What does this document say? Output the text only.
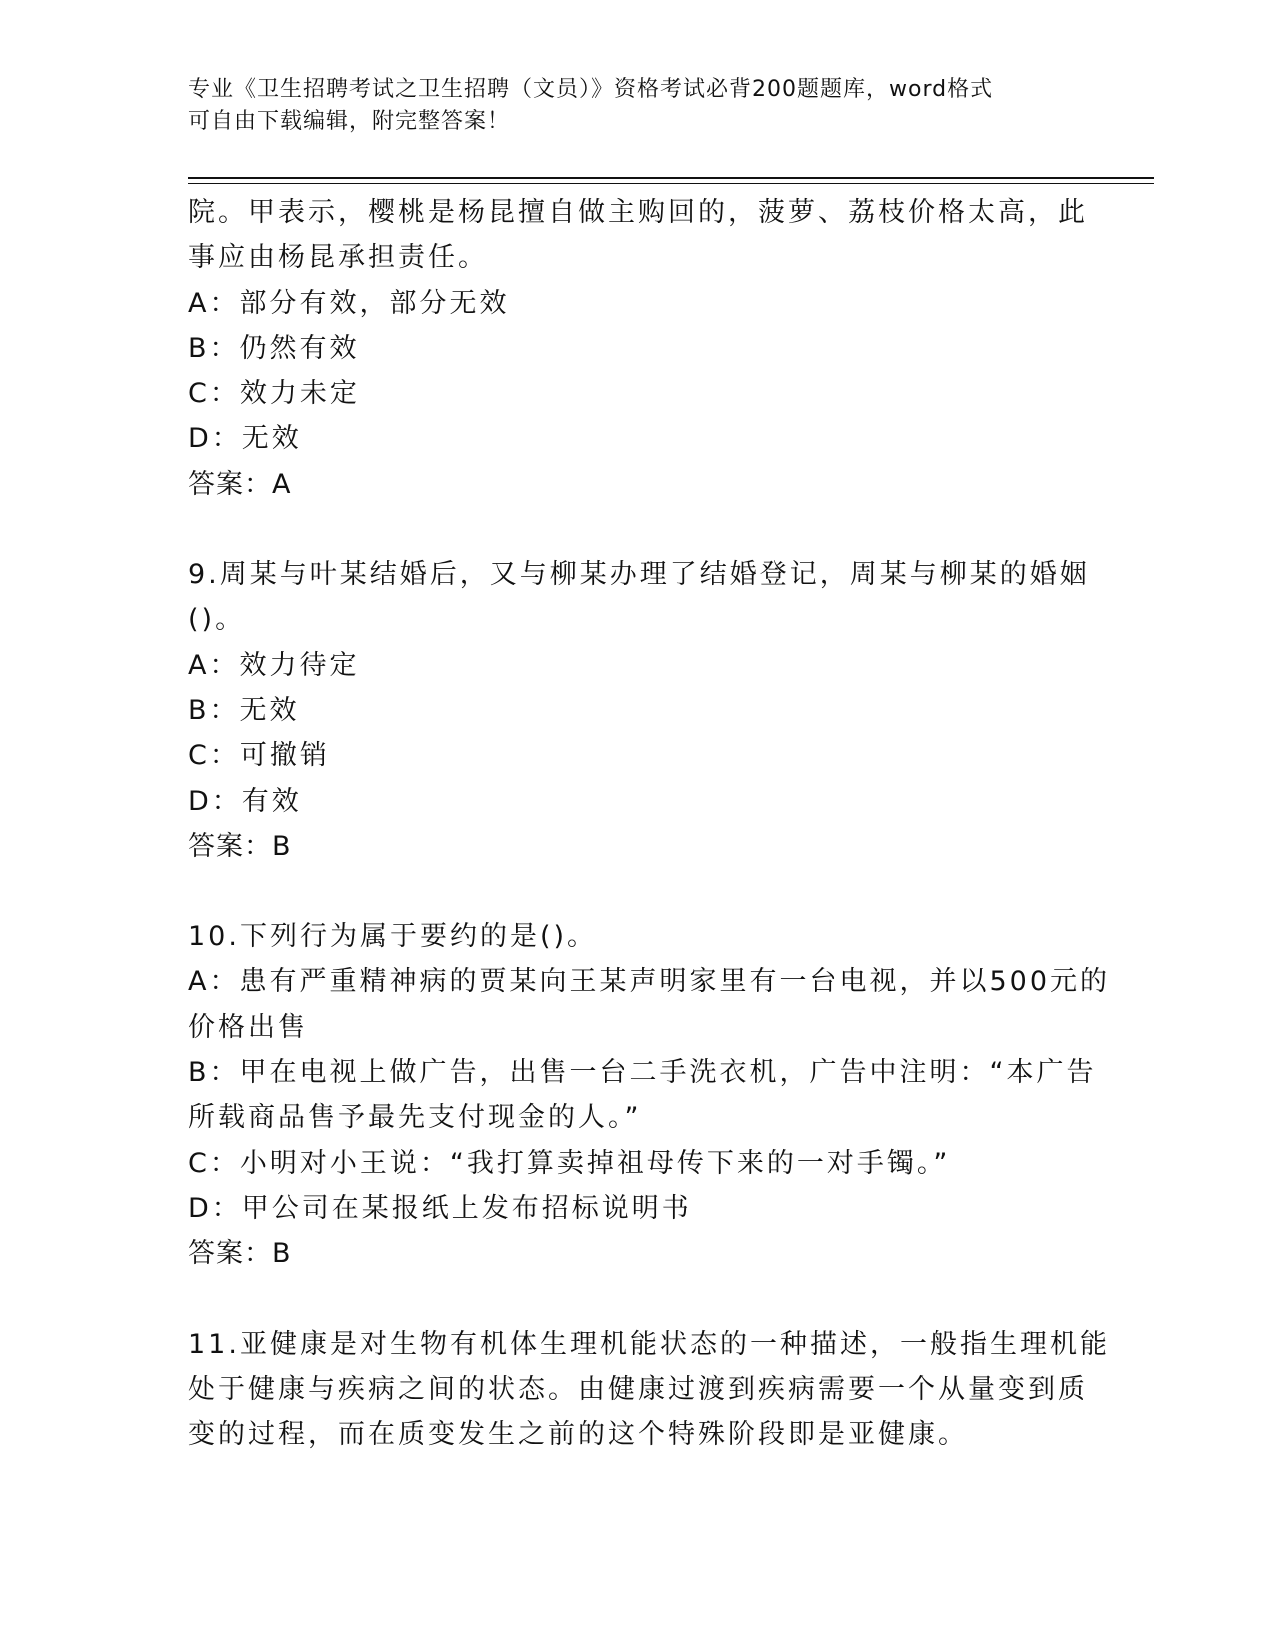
专业《卫生招聘考试之卫生招聘（文员）》资格考试必背200题题库，word格式
可自由下载编辑，附完整答案！
院。甲表示，樱桃是杨昆擅自做主购回的，菠萝、荔枝价格太高，此
事应由杨昆承担责任。
A：部分有效，部分无效
B：仍然有效
C：效力未定
D：无效
答案：A
9.周某与叶某结婚后，又与柳某办理了结婚登记，周某与柳某的婚姻
()。
A：效力待定
B：无效
C：可撤销
D：有效
答案：B
10.下列行为属于要约的是()。
A：患有严重精神病的贾某向王某声明家里有一台电视，并以500元的
价格出售
B：甲在电视上做广告，出售一台二手洗衣机，广告中注明：“本广告
所载商品售予最先支付现金的人。”
C：小明对小王说：“我打算卖掉祖母传下来的一对手镯。”
D：甲公司在某报纸上发布招标说明书
答案：B
11.亚健康是对生物有机体生理机能状态的一种描述，一般指生理机能
处于健康与疾病之间的状态。由健康过渡到疾病需要一个从量变到质
变的过程，而在质变发生之前的这个特殊阶段即是亚健康。
